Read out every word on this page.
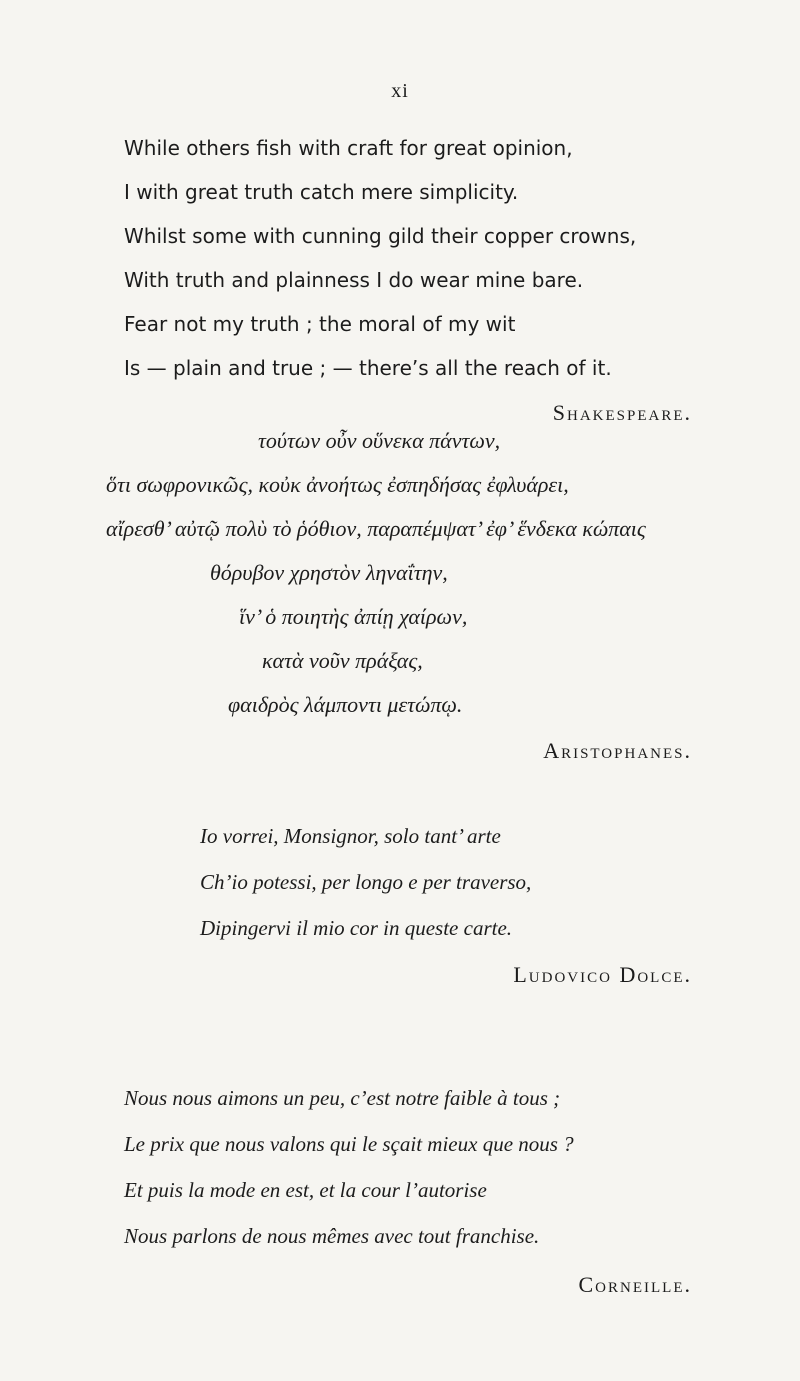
xi
While others fish with craft for great opinion,
I with great truth catch mere simplicity.
Whilst some with cunning gild their copper crowns,
With truth and plainness I do wear mine bare.
Fear not my truth ; the moral of my wit
Is — plain and true ; — there’s all the reach of it.
Shakespeare.
τούτων οὖν οὕνεκα πάντων,
ὅτι σωφρονικῶς, κοὐκ ἀνοήτως ἐσπηδήσας ἐφλυάρει,
αἴρεσθ’ αὐτῷ πολὺ τὸ ῥόθιον, παραπέμψατ’ ἐφ’ ἕνδεκα κώπαις
θόρυβον χρηστὸν ληναΐτην,
ἵν’ ὁ ποιητὴς ἀπίῃ χαίρων,
κατὰ νοῦν πράξας,
φαιδρὸς λάμποντι μετώπῳ.
Aristophanes.
Io vorrei, Monsignor, solo tant’ arte
Ch’io potessi, per longo e per traverso,
Dipingervi il mio cor in queste carte.
Ludovico Dolce.
Nous nous aimons un peu, c’est notre faible à tous ;
Le prix que nous valons qui le sçait mieux que nous ?
Et puis la mode en est, et la cour l’autorise
Nous parlons de nous mêmes avec tout franchise.
Corneille.
